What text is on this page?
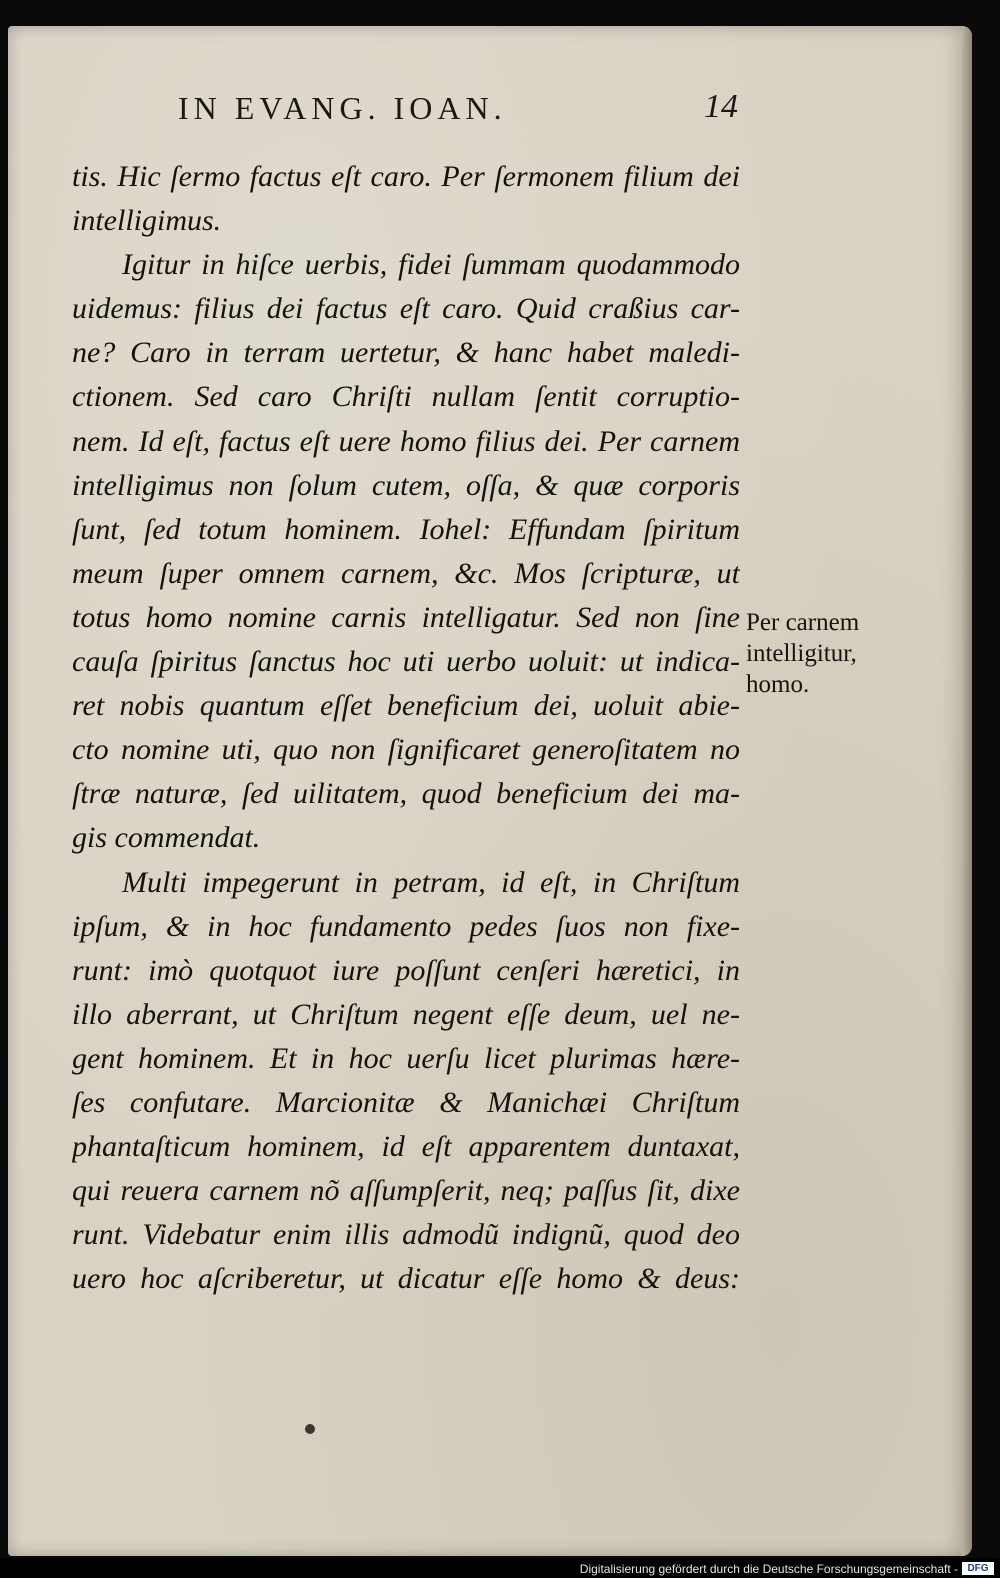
IN EVANG. IOAN.	14
tis. Hic ſermo factus eſt caro. Per ſermonem filium dei
intelligimus.
Igitur in hiſce uerbis, fidei ſummam quodammodo
uidemus: filius dei factus eſt caro. Quid craßius car-
ne? Caro in terram uertetur, & hanc habet maledi-
ctionem. Sed caro Chriſti nullam ſentit corruptio-
nem. Id eſt, factus eſt uere homo filius dei. Per carnem
intelligimus non ſolum cutem, oſſa, & quæ corporis
ſunt, ſed totum hominem. Iohel: Effundam ſpiritum
meum ſuper omnem carnem, &c. Mos ſcripturæ, ut
totus homo nomine carnis intelligatur. Sed non ſine
cauſa ſpiritus ſanctus hoc uti uerbo uoluit: ut indica-
ret nobis quantum eſſet beneficium dei, uoluit abie-
cto nomine uti, quo non ſignificaret generoſitatem no
ſtræ naturæ, ſed uilitatem, quod beneficium dei ma-
gis commendat.
Multi impegerunt in petram, id eſt, in Chriſtum
ipſum, & in hoc fundamento pedes ſuos non fixe-
runt: imò quotquot iure poſſunt cenſeri hæretici, in
illo aberrant, ut Chriſtum negent eſſe deum, uel ne-
gent hominem. Et in hoc uerſu licet plurimas hære-
ſes confutare. Marcionitæ & Manichæi Chriſtum
phantaſticum hominem, id eſt apparentem duntaxat,
qui reuera carnem nõ aſſumpſerit, neq; paſſus ſit, dixe
runt. Videbatur enim illis admodũ indignũ, quod deo
uero hoc aſcriberetur, ut dicatur eſſe homo & deus:
Per carnem
intelligitur,
homo.
Digitalisierung gefördert durch die Deutsche Forschungsgemeinschaft - DFG
